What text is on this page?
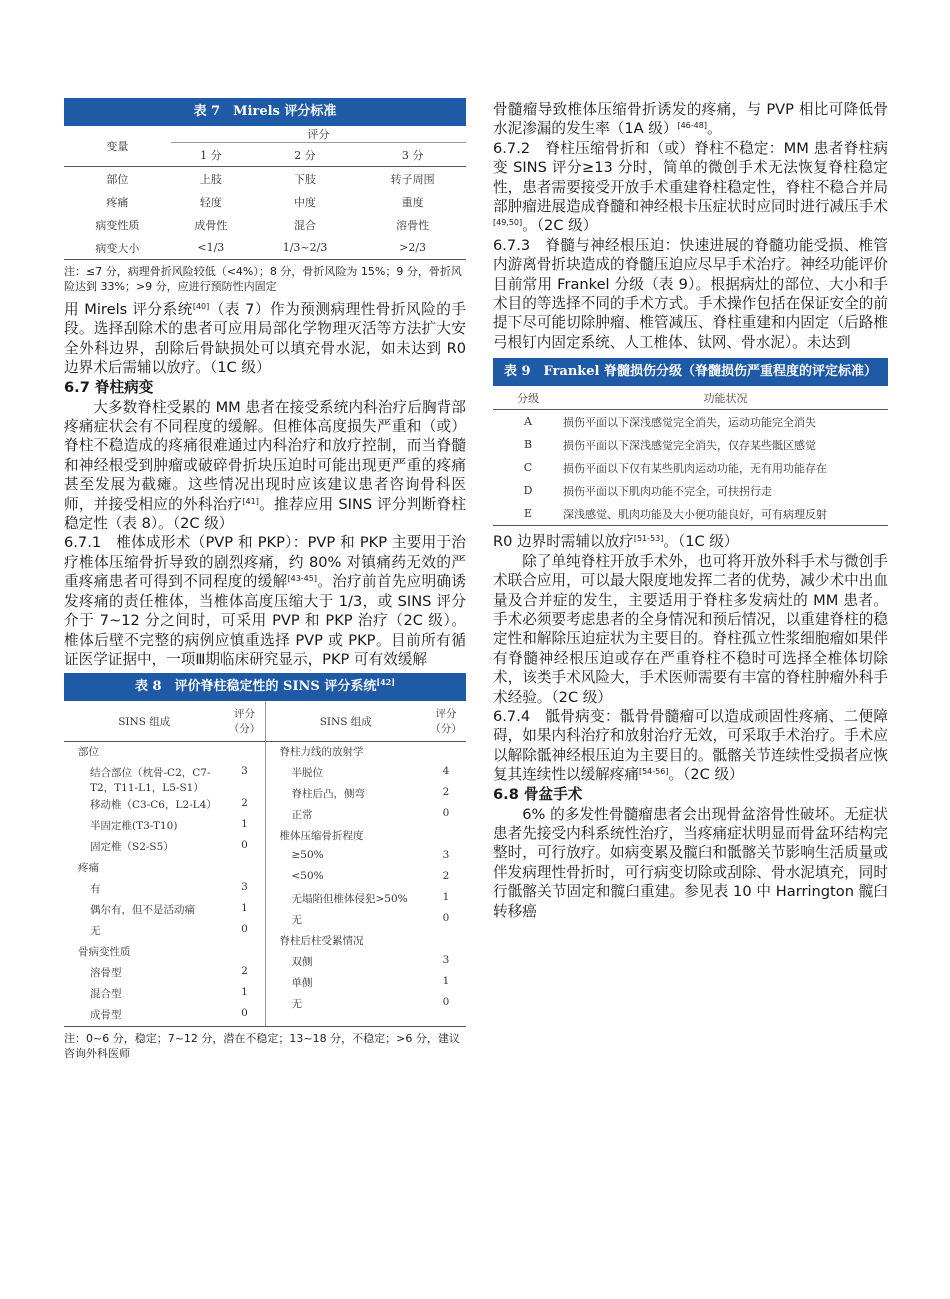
表 7　Mirels 评分标准
变量	评分		
	1 分	2 分	3 分
部位	上肢	下肢	转子周围
疼痛	轻度	中度	重度
病变性质	成骨性	混合	溶骨性
病变大小	<1/3	1/3~2/3	>2/3

注：≤7 分，病理骨折风险较低（<4%）；8 分，骨折风险为 15%；9 分，骨折风险达到 33%；>9 分，应进行预防性内固定

用 Mirels 评分系统[40]（表 7）作为预测病理性骨折风险的手段。选择刮除术的患者可应用局部化学物理灭活等方法扩大安全外科边界，刮除后骨缺损处可以填充骨水泥，如未达到 R0 边界术后需辅以放疗。（1C 级）

6.7 脊柱病变

大多数脊柱受累的 MM 患者在接受系统内科治疗后胸背部疼痛症状会有不同程度的缓解。但椎体高度损失严重和（或）脊柱不稳造成的疼痛很难通过内科治疗和放疗控制，而当脊髓和神经根受到肿瘤或破碎骨折块压迫时可能出现更严重的疼痛甚至发展为截瘫。这些情况出现时应该建议患者咨询骨科医师，并接受相应的外科治疗[41]。推荐应用 SINS 评分判断脊柱稳定性（表 8）。（2C 级）

6.7.1　椎体成形术（PVP 和 PKP）：PVP 和 PKP 主要用于治疗椎体压缩骨折导致的剧烈疼痛，约 80% 对镇痛药无效的严重疼痛患者可得到不同程度的缓解[43-45]。治疗前首先应明确诱发疼痛的责任椎体，当椎体高度压缩大于 1/3，或 SINS 评分介于 7~12 分之间时，可采用 PVP 和 PKP 治疗（2C 级）。椎体后壁不完整的病例应慎重选择 PVP 或 PKP。目前所有循证医学证据中，一项Ⅲ期临床研究显示，PKP 可有效缓解

表 8　评价脊柱稳定性的 SINS 评分系统[42]
SINS 组成	评分（分）
部位	
结合部位（枕骨-C2，C7- T2，T11-L1，L5-S1）	3
移动椎（C3-C6，L2-L4）	2
半固定椎(T3-T10)	1
固定椎（S2-S5）	0
疼痛	
有	3
偶尔有，但不是活动痛	1
无	0
骨病变性质	
溶骨型	2
混合型	1
成骨型	0
SINS 组成	评分（分）
脊柱力线的放射学	
半脱位	4
脊柱后凸，侧弯	2
正常	0
椎体压缩骨折程度	
≥50%	3
<50%	2
无塌陷但椎体侵犯>50%	1
无	0
脊柱后柱受累情况	
双侧	3
单侧	1
无	0

注：0~6 分，稳定；7~12 分，潜在不稳定；13~18 分，不稳定；>6 分，建议咨询外科医师

骨髓瘤导致椎体压缩骨折诱发的疼痛，与 PVP 相比可降低骨水泥渗漏的发生率（1A 级）[46-48]。

6.7.2　脊柱压缩骨折和（或）脊柱不稳定：MM 患者脊柱病变 SINS 评分≥13 分时，简单的微创手术无法恢复脊柱稳定性，患者需要接受开放手术重建脊柱稳定性，脊柱不稳合并局部肿瘤进展造成脊髓和神经根卡压症状时应同时进行减压手术[49,50]。（2C 级）

6.7.3　脊髓与神经根压迫：快速进展的脊髓功能受损、椎管内游离骨折块造成的脊髓压迫应尽早手术治疗。神经功能评价目前常用 Frankel 分级（表 9）。根据病灶的部位、大小和手术目的等选择不同的手术方式。手术操作包括在保证安全的前提下尽可能切除肿瘤、椎管减压、脊柱重建和内固定（后路椎弓根钉内固定系统、人工椎体、钛网、骨水泥）。未达到

表 9　Frankel 脊髓损伤分级（脊髓损伤严重程度的评定标准）
分级	功能状况
A	损伤平面以下深浅感觉完全消失，运动功能完全消失
B	损伤平面以下深浅感觉完全消失，仅存某些骶区感觉
C	损伤平面以下仅有某些肌肉运动功能，无有用功能存在
D	损伤平面以下肌肉功能不完全，可扶拐行走
E	深浅感觉、肌肉功能及大小便功能良好，可有病理反射

R0 边界时需辅以放疗[51-53]。（1C 级）

除了单纯脊柱开放手术外，也可将开放外科手术与微创手术联合应用，可以最大限度地发挥二者的优势，减少术中出血量及合并症的发生，主要适用于脊柱多发病灶的 MM 患者。手术必须要考虑患者的全身情况和预后情况，以重建脊柱的稳定性和解除压迫症状为主要目的。脊柱孤立性浆细胞瘤如果伴有脊髓神经根压迫或存在严重脊柱不稳时可选择全椎体切除术，该类手术风险大，手术医师需要有丰富的脊柱肿瘤外科手术经验。（2C 级）

6.7.4　骶骨病变：骶骨骨髓瘤可以造成顽固性疼痛、二便障碍，如果内科治疗和放射治疗无效，可采取手术治疗。手术应以解除骶神经根压迫为主要目的。骶髂关节连续性受损者应恢复其连续性以缓解疼痛[54-56]。（2C 级）

6.8 骨盆手术

6% 的多发性骨髓瘤患者会出现骨盆溶骨性破坏。无症状患者先接受内科系统性治疗，当疼痛症状明显而骨盆环结构完整时，可行放疗。如病变累及髋臼和骶髂关节影响生活质量或伴发病理性骨折时，可行病变切除或刮除、骨水泥填充，同时行骶髂关节固定和髋臼重建。参见表 10 中 Harrington 髋臼转移癌
